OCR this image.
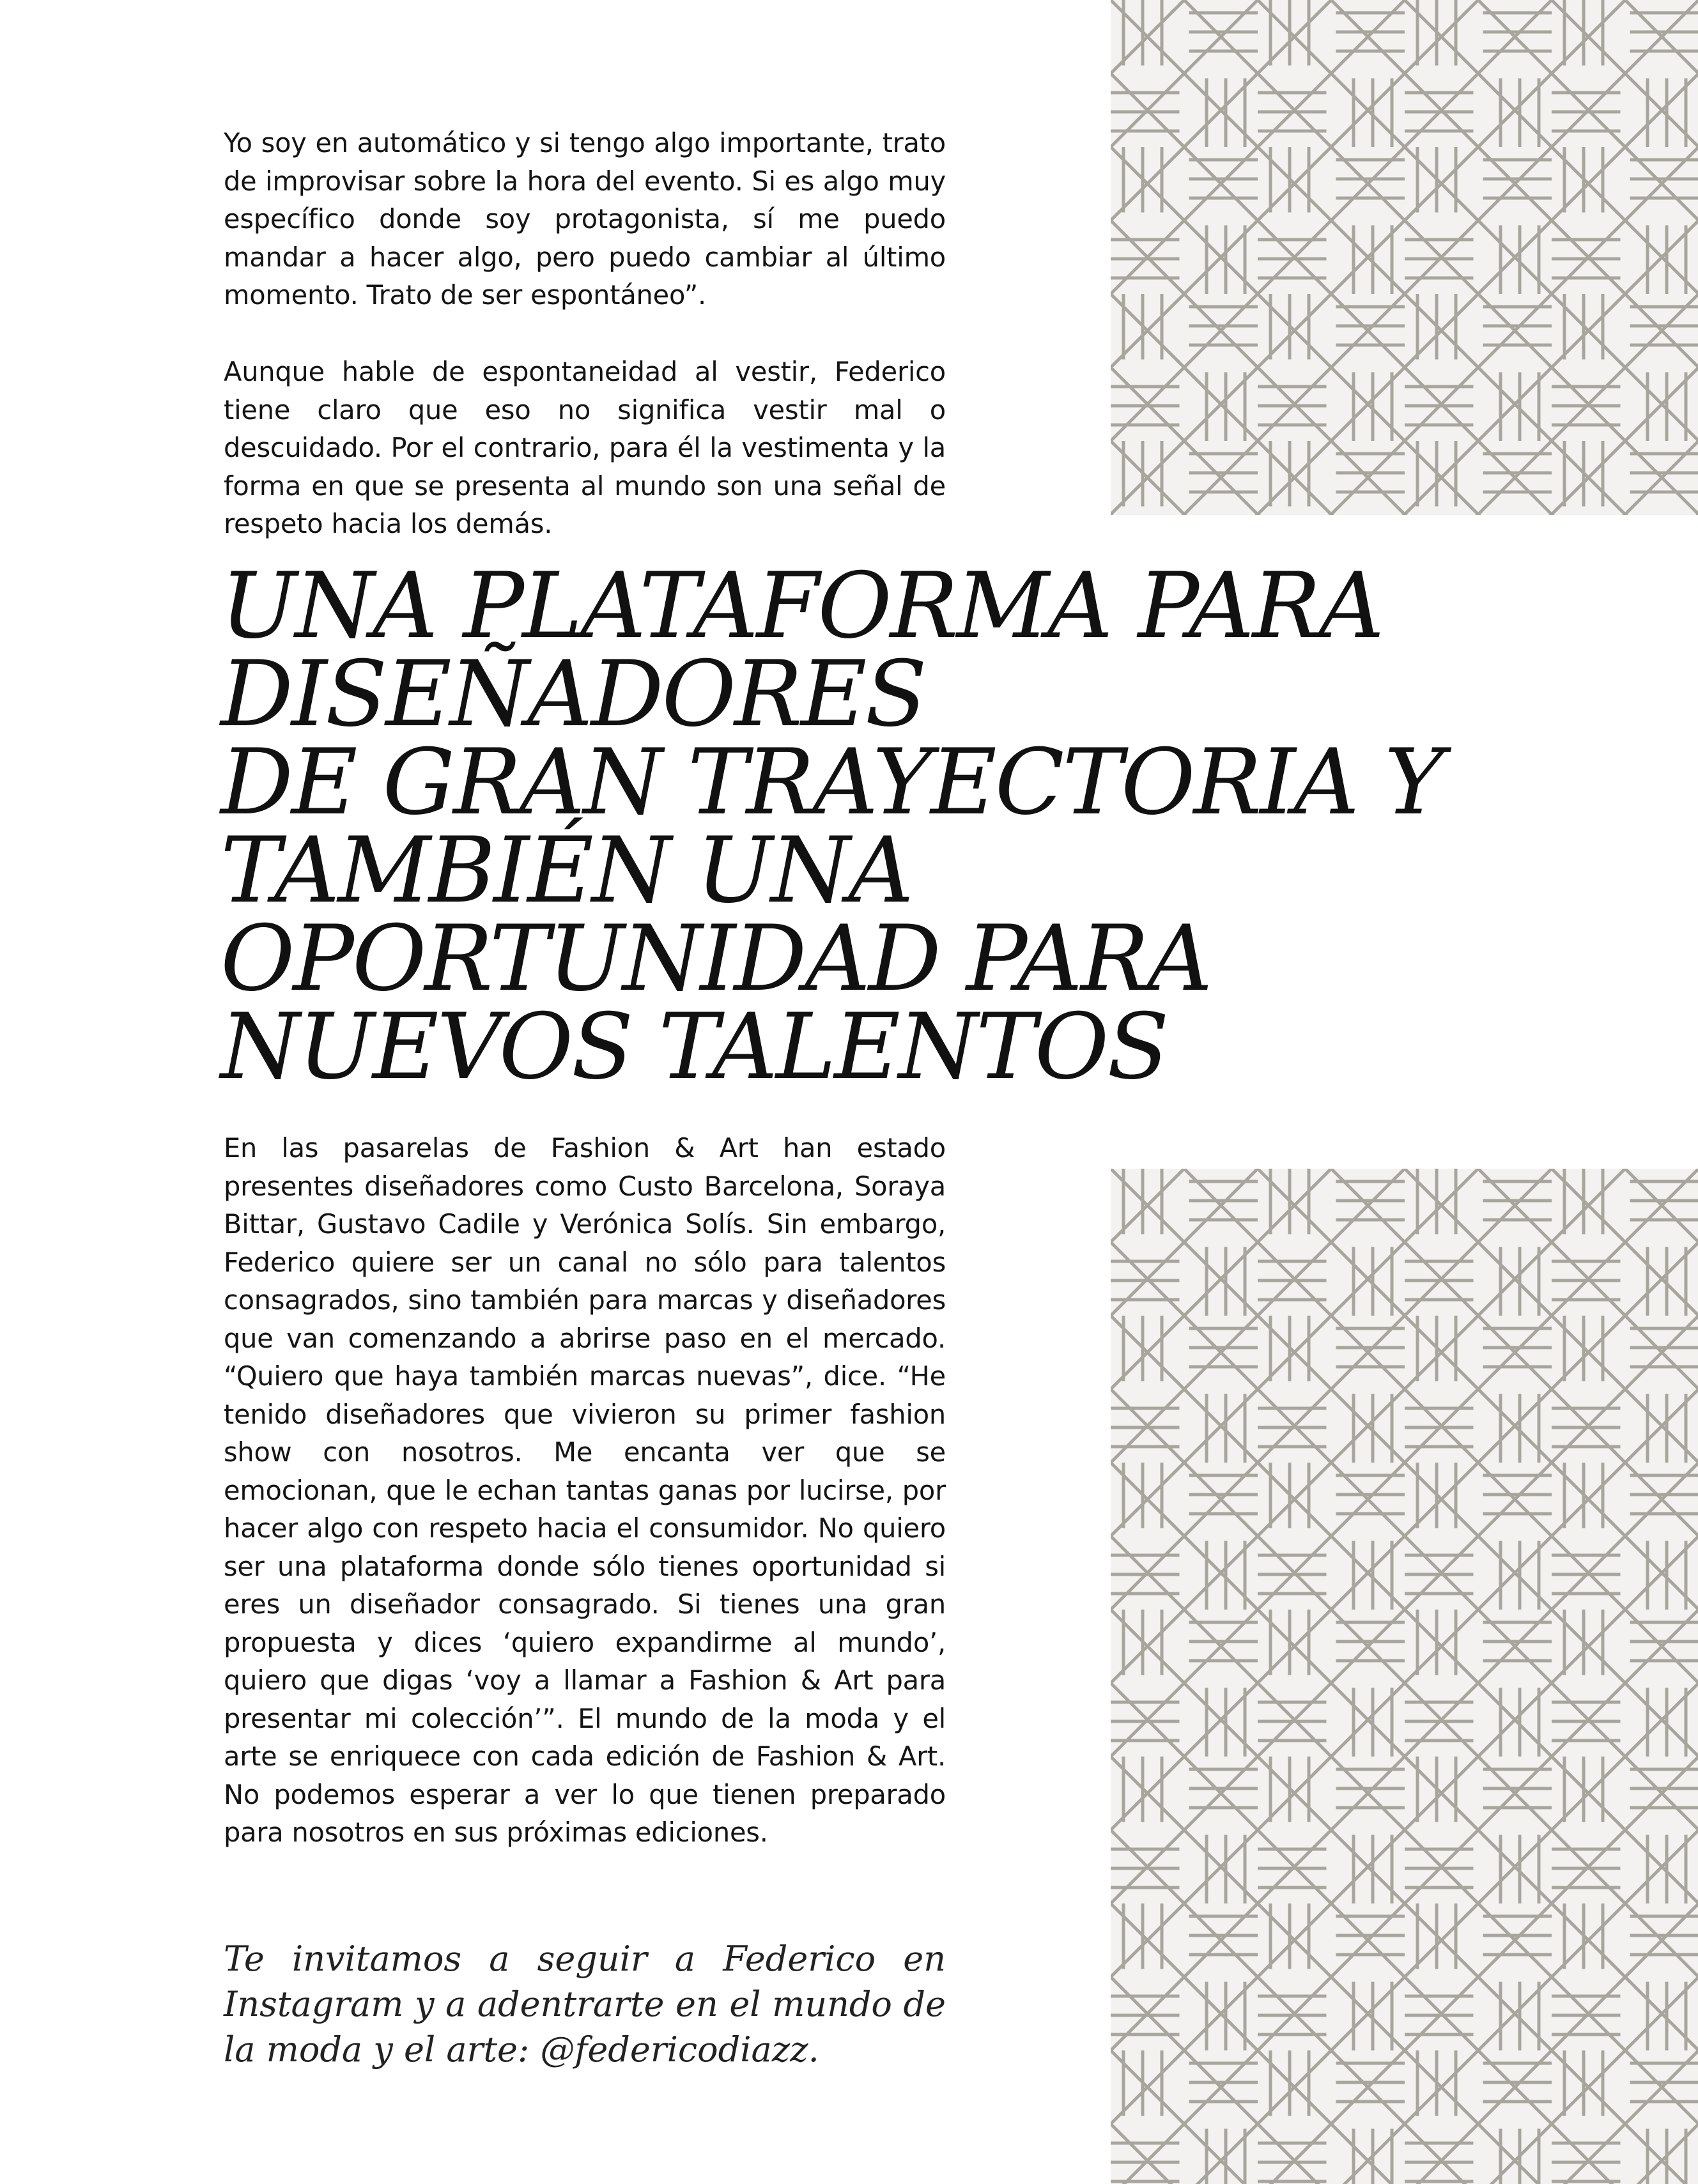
Yo soy en automático y si tengo algo importante, trato de improvisar sobre la hora del evento. Si es algo muy específico donde soy protagonista, sí me puedo mandar a hacer algo, pero puedo cambiar al último momento. Trato de ser espontáneo”.

Aunque hable de espontaneidad al vestir, Federico tiene claro que eso no significa vestir mal o descuidado. Por el contrario, para él la vestimenta y la forma en que se presenta al mundo son una señal de respeto hacia los demás.

UNA PLATAFORMA PARA
DISEÑADORES
DE GRAN TRAYECTORIA Y
TAMBIÉN UNA
OPORTUNIDAD PARA
NUEVOS TALENTOS

En las pasarelas de Fashion & Art han estado presentes diseñadores como Custo Barcelona, Soraya Bittar, Gustavo Cadile y Verónica Solís. Sin embargo, Federico quiere ser un canal no sólo para talentos consagrados, sino también para marcas y diseñadores que van comenzando a abrirse paso en el mercado. “Quiero que haya también marcas nuevas”, dice. “He tenido diseñadores que vivieron su primer fashion show con nosotros. Me encanta ver que se emocionan, que le echan tantas ganas por lucirse, por hacer algo con respeto hacia el consumidor. No quiero ser una plataforma donde sólo tienes oportunidad si eres un diseñador consagrado. Si tienes una gran propuesta y dices ‘quiero expandirme al mundo’, quiero que digas ‘voy a llamar a Fashion & Art para presentar mi colección’”. El mundo de la moda y el arte se enriquece con cada edición de Fashion & Art. No podemos esperar a ver lo que tienen preparado para nosotros en sus próximas ediciones.

Te invitamos a seguir a Federico en Instagram y a adentrarte en el mundo de la moda y el arte: @federicodiazz.
